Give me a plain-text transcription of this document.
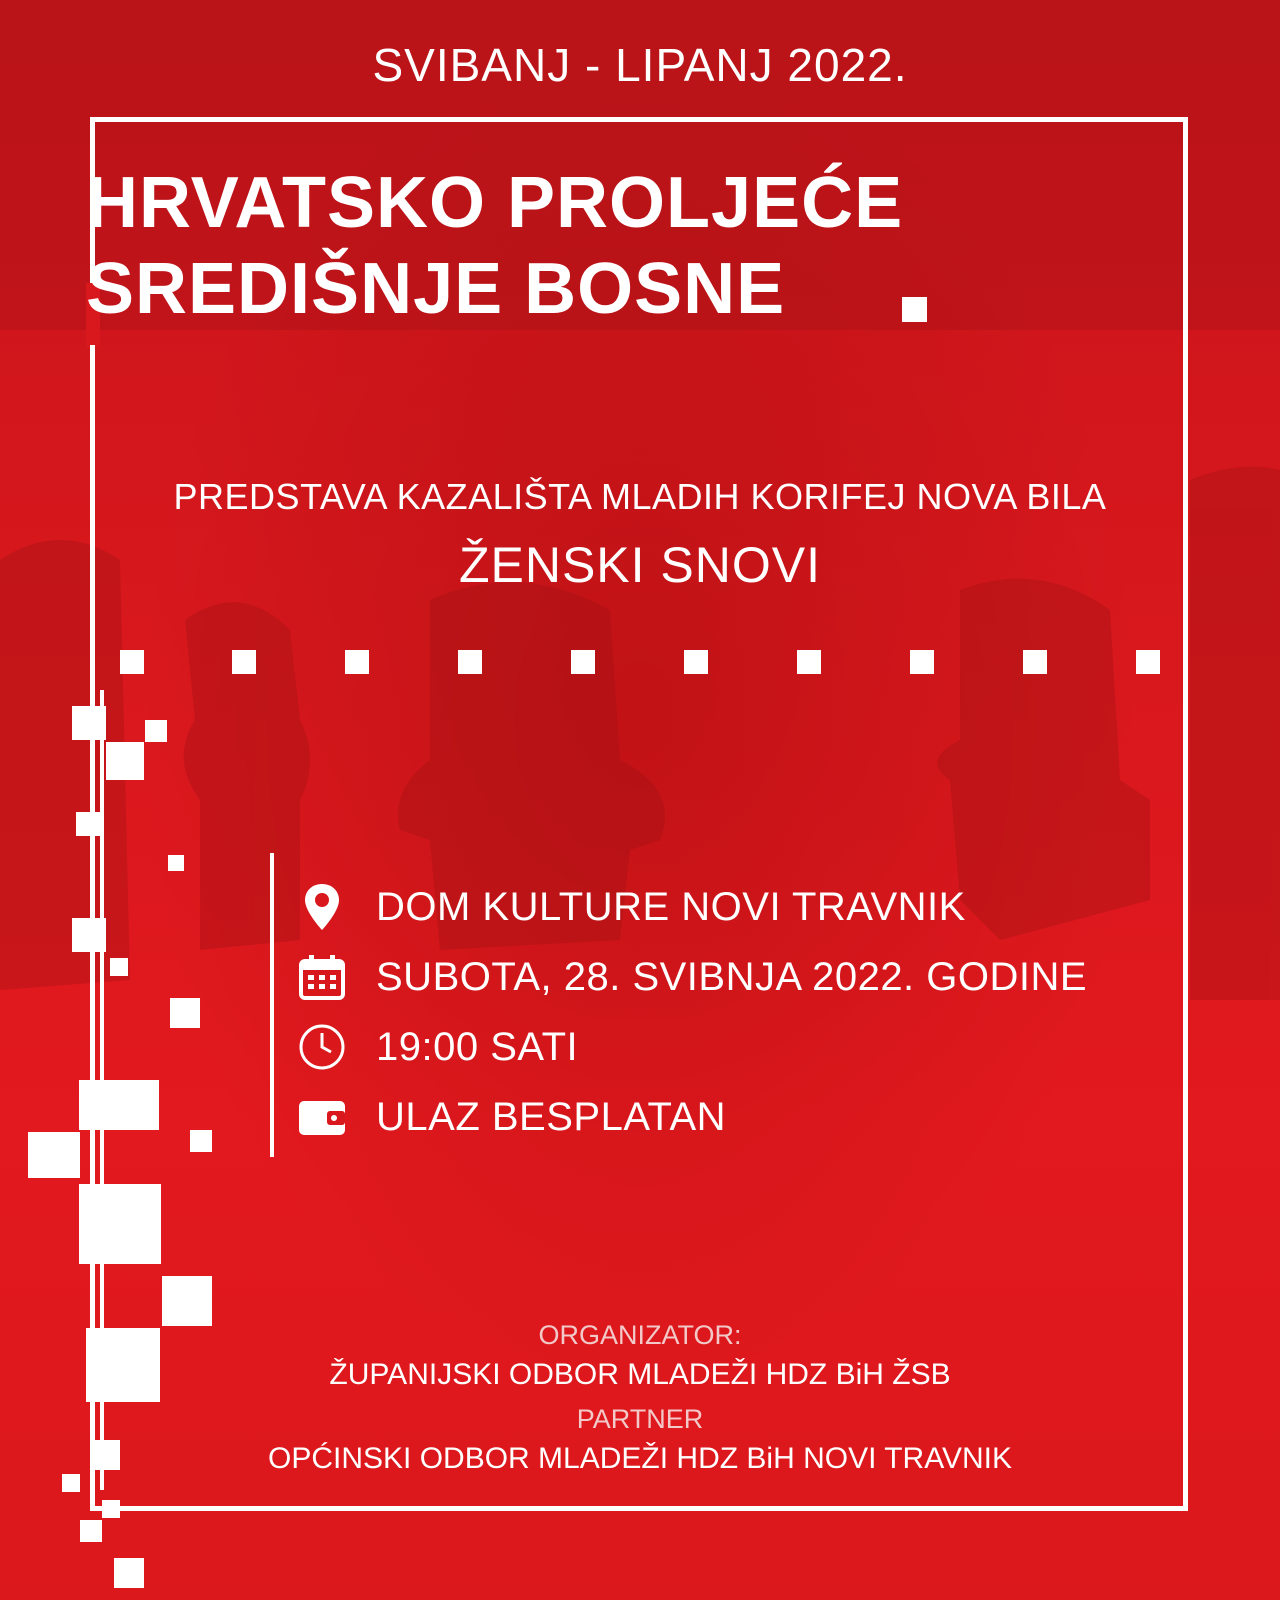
SVIBANJ - LIPANJ 2022.
HRVATSKO PROLJEĆE
SREDIŠNJE BOSNE
PREDSTAVA KAZALIŠTA MLADIH KORIFEJ NOVA BILA
ŽENSKI SNOVI
DOM KULTURE NOVI TRAVNIK
SUBOTA, 28. SVIBNJA 2022. GODINE
19:00 SATI
ULAZ BESPLATAN
ORGANIZATOR:
ŽUPANIJSKI ODBOR MLADEŽI HDZ BiH ŽSB
PARTNER
OPĆINSKI ODBOR MLADEŽI HDZ BiH NOVI TRAVNIK
